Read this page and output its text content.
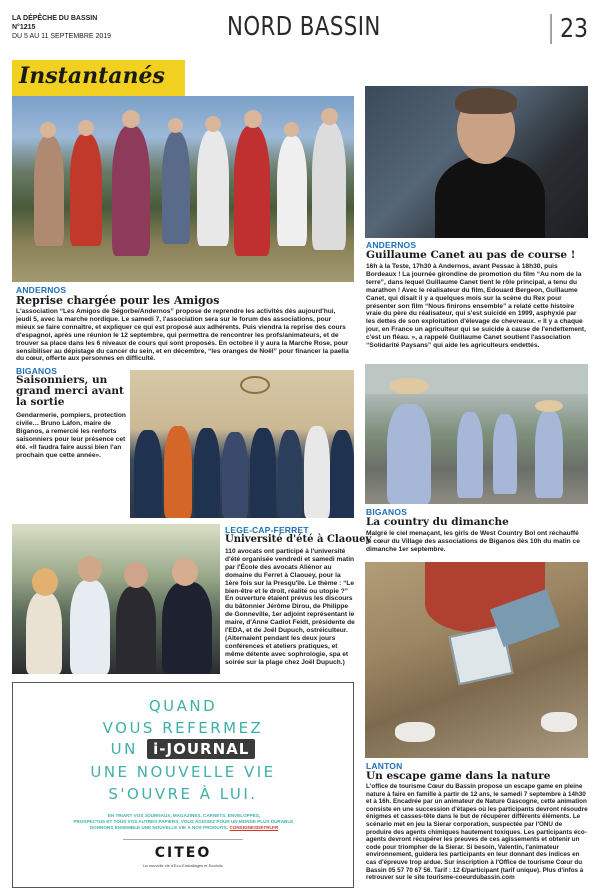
LA DÉPÊCHE DU BASSIN
N°1215
DU 5 AU 11 SEPTEMBRE 2019	NORD BASSIN	23
Instantanés
ANDERNOS
Reprise chargée pour les Amigos
L'association “Les Amigos de Ségorbe/Andernos” propose de reprendre les activités dès aujourd'hui, jeudi 5, avec la marche nordique. Le samedi 7, l'association sera sur le forum des associations, pour mieux se faire connaître, et expliquer ce qui est proposé aux adhérents. Puis viendra la reprise des cours d'espagnol, après une réunion le 12 septembre, qui permettra de rencontrer les profs/animateurs, et de trouver sa place dans les 6 niveaux de cours qui sont proposés. En octobre il y aura la Marche Rose, pour sensibiliser au dépistage du cancer du sein, et en décembre, “les oranges de Noël” pour financer la paella du cœur, offerte aux personnes en difficulté.
ANDERNOS
Guillaume Canet au pas de course !
16h à la Teste, 17h30 à Andernos, avant Pessac à 18h30, puis Bordeaux ! La journée girondine de promotion du film “Au nom de la terre”, dans lequel Guillaume Canet tient le rôle principal, a tenu du marathon ! Avec le réalisateur du film, Edouard Bergeon, Guillaume Canet, qui disait il y a quelques mois sur la scène du Rex pour présenter son film “Nous finirons ensemble” a relaté cette histoire vraie du père du réalisateur, qui s'est suicidé en 1999, asphyxié par les dettes de son exploitation d'élevage de chevreaux. « Il y a chaque jour, en France un agriculteur qui se suicide à cause de l'endettement, c'est un fléau. », a rappelé Guillaume Canet soutient l'association “Solidarité Paysans” qui aide les agriculteurs endettés.
BIGANOS
Saisonniers, un grand merci avant la sortie
Gendarmerie, pompiers, protection civile… Bruno Lafon, maire de Biganos, a remercié les renforts saisonniers pour leur présence cet été. «Il faudra faire aussi bien l'an prochain que cette année».
BIGANOS
La country du dimanche
Malgré le ciel menaçant, les girls de West Country Bol ont réchauffé le cœur du Village des associations de Biganos dès 10h du matin ce dimanche 1er septembre.
LEGE-CAP-FERRET
Université d'été à Claouey
110 avocats ont participé à l'université d'été organisée vendredi et samedi matin par l'École des avocats Aliénor au domaine du Ferret à Claouey, pour la 1ère fois sur la Presqu'île. Le thème : “Le bien-être et le droit, réalité ou utopie ?” En ouverture étaient prévus les discours du bâtonnier Jérôme Dirou, de Philippe de Gonneville, 1er adjoint représentant le maire, d'Anne Cadiot Feidt, présidente de l'EDA, et de Joël Dupuch, ostréiculteur. (Alternaient pendant les deux jours conférences et ateliers pratiques, et même détente avec sophrologie, spa et soirée sur la plage chez Joël Dupuch.)
QUAND
VOUS REFERMEZ
UN i-JOURNAL
UNE NOUVELLE VIE
S'OUVRE À LUI.
EN TRIANT VOS JOURNAUX, MAGAZINES, CARNETS, ENVELOPPES,
PROSPECTUS ET TOUS VOS AUTRES PAPIERS, VOUS AGISSEZ POUR UN MONDE PLUS DURABLE.
DONNONS ENSEMBLE UNE NOUVELLE VIE À NOS PRODUITS. CONSIGNESDETRI.FR
CITEO
La nouvelle vie d'Eco-Emballages et Ecofolio
LANTON
Un escape game dans la nature
L'office de tourisme Cœur du Bassin propose un escape game en pleine nature à faire en famille à partir de 12 ans, le samedi 7 septembre à 14h30 et à 16h. Encadrée par un animateur de Nature Gascogne, cette animation consiste en une succession d'étapes où les participants devront résoudre énigmes et casses-tête dans le but de récupérer différents éléments. Le scénario met en jeu la Sierar corporation, suspectée par l'ONU de produire des agents chimiques hautement toxiques. Les participants éco-agents devront récupérer les preuves de ces agissements et obtenir un code pour triompher de la Sierar. Si besoin, Valentin, l'animateur environnement, guidera les participants en leur donnant des indices en cas d'épreuve trop ardue. Sur inscription à l'Office de tourisme Cœur du Bassin 05 57 70 67 56. Tarif : 12 €/participant (tarif unique). Plus d'infos à retrouver sur le site tourisme-coeurdubassin.com
